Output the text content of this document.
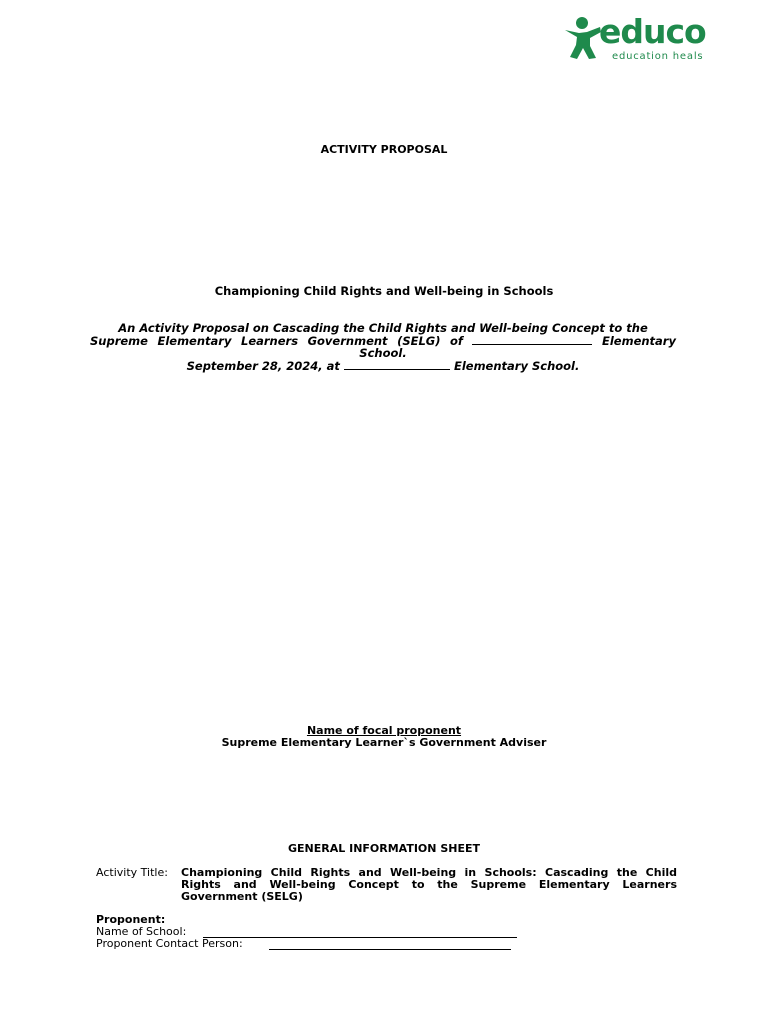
educo
education heals
ACTIVITY PROPOSAL
Championing Child Rights and Well-being in Schools
An Activity Proposal on Cascading the Child Rights and Well-being Concept to the
Supreme Elementary Learners Government (SELG) of	Elementary
School.
September 28, 2024, at	Elementary School.
Name of focal proponent
Supreme Elementary Learner`s Government Adviser
GENERAL INFORMATION SHEET
Activity Title: Championing Child Rights and Well-being in Schools: Cascading the Child Rights and Well-being Concept to the Supreme Elementary Learners Government (SELG)
Proponent:
Name of School:
Proponent Contact Person:
